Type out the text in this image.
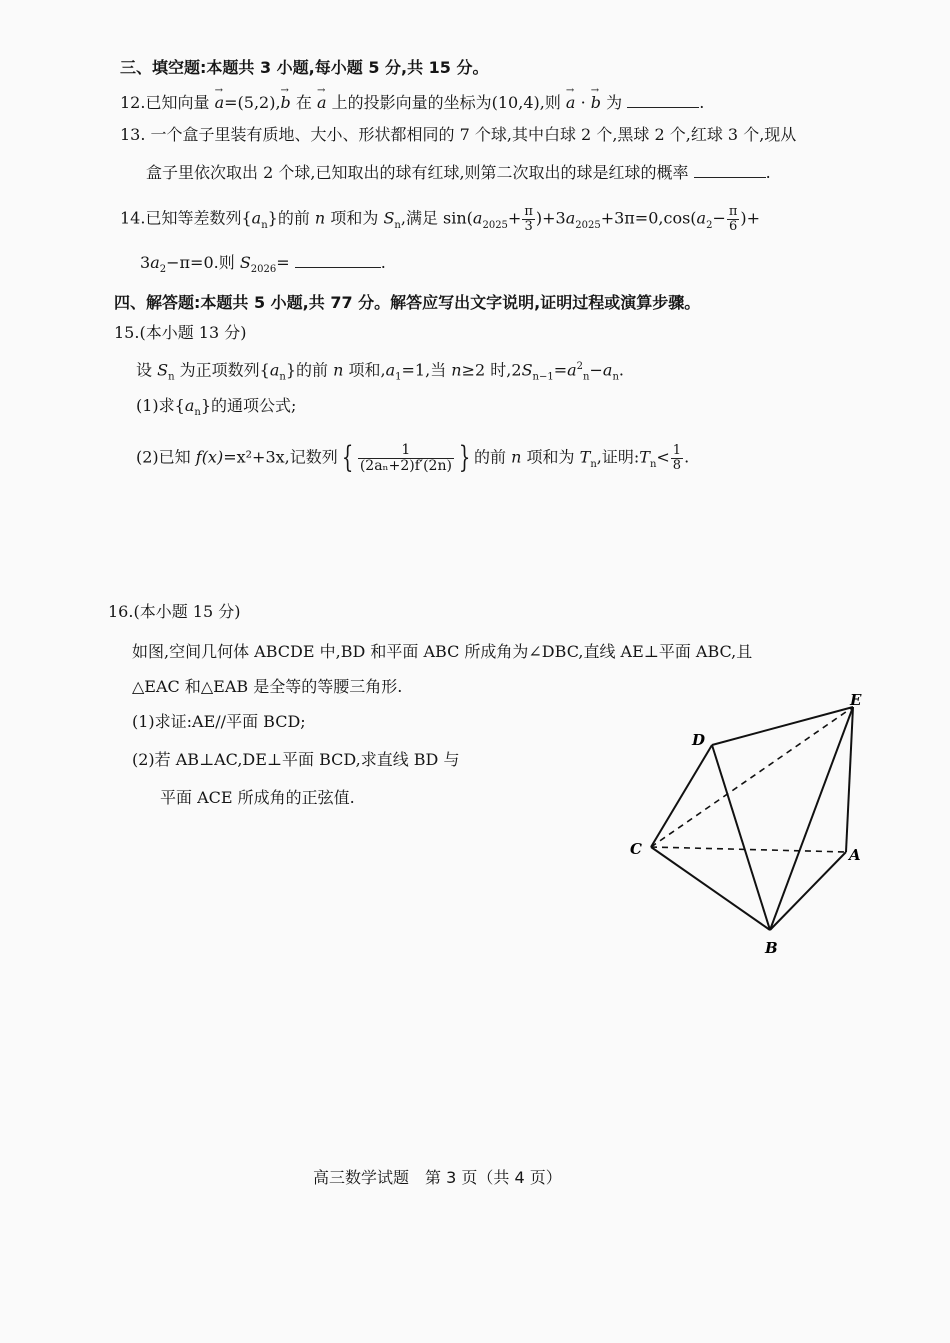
三、填空题:本题共 3 小题,每小题 5 分,共 15 分。
12.已知向量 → a=(5,2),→ b 在 → a 上的投影向量的坐标为(10,4),则 → a · → b 为	.
13. 一个盒子里装有质地、大小、形状都相同的 7 个球,其中白球 2 个,黑球 2 个,红球 3 个,现从
盒子里依次取出 2 个球,已知取出的球有红球,则第二次取出的球是红球的概率	.
14.已知等差数列$\{a_n\}$的前 n 项和为 $S_n$,满足 $\sin(a_{2025}+ \frac{\pi}{3} )+3a_{2025}+3\pi=0,\cos(a_2- \frac{\pi}{6}$ )+
$3a_2-\pi=0$.则 $S_{2026}=$	.
四、解答题:本题共 5 小题,共 77 分。解答应写出文字说明,证明过程或演算步骤。
15.(本小题 13 分)
设 $S_n$ 为正项数列$\{a_n\}$的前 n 项和$,a_1=1$,当 n≥2 时$,2S_{n-1}=a^2_n-a_n$.
(1)求$\{a_n\}$的通项公式;
(2)已知 f(x)=x²+3x,记数列 { $\frac{1}{\text{(2aₙ+2)f′(2n)}}$ } 的前 n 项和为 $T_n$,证明$:T_n< \frac{1}{8}$ .
16.(本小题 15 分)
如图,空间几何体 ABCDE 中,BD 和平面 ABC 所成角为∠DBC,直线 AE⊥平面 ABC,且
△EAC 和△EAB 是全等的等腰三角形.
(1)求证:AE//平面 BCD;
(2)若 AB⊥AC,DE⊥平面 BCD,求直线 BD 与
平面 ACE 所成角的正弦值.
E
D
C	A
B
高三数学试题　第 3 页（共 4 页）
